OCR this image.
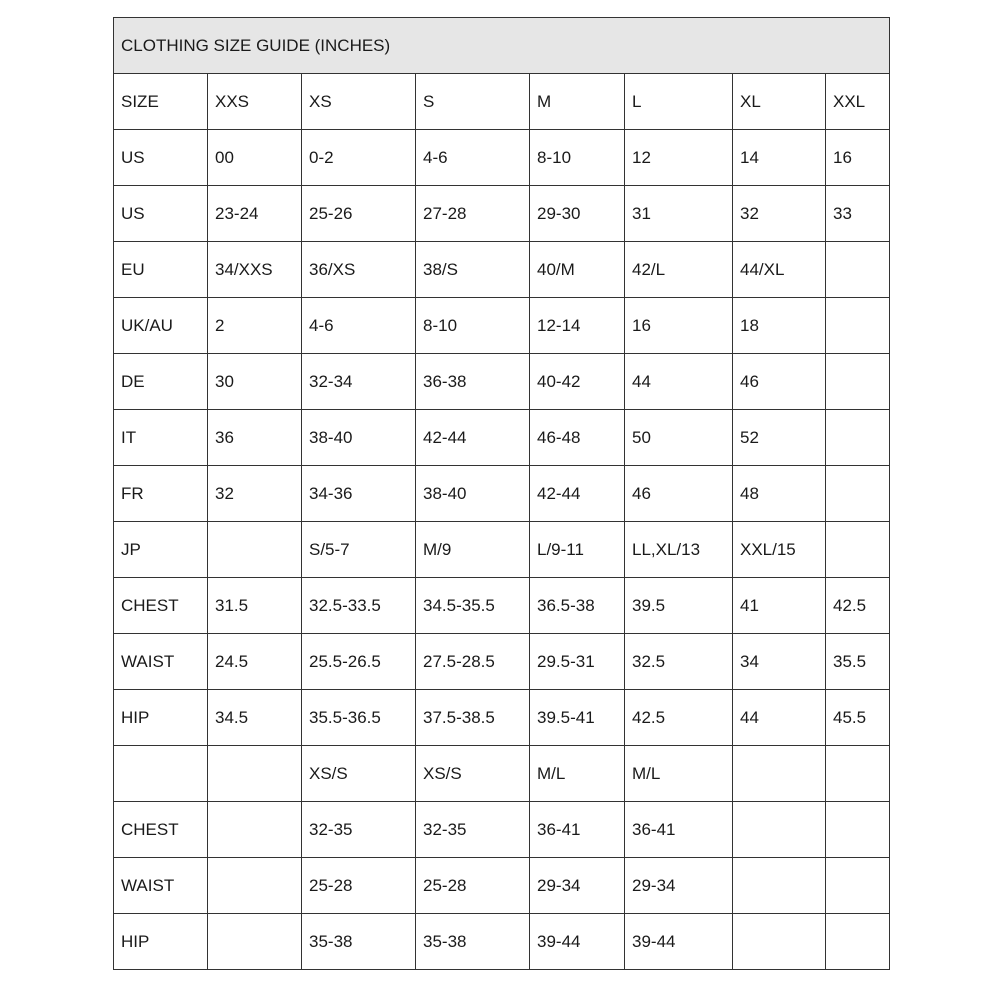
CLOTHING SIZE GUIDE (INCHES)							
SIZE	XXS	XS	S	M	L	XL	XXL
US	00	0-2	4-6	8-10	12	14	16
US	23-24	25-26	27-28	29-30	31	32	33
EU	34/XXS	36/XS	38/S	40/M	42/L	44/XL	
UK/AU	2	4-6	8-10	12-14	16	18	
DE	30	32-34	36-38	40-42	44	46	
IT	36	38-40	42-44	46-48	50	52	
FR	32	34-36	38-40	42-44	46	48	
JP		S/5-7	M/9	L/9-11	LL,XL/13	XXL/15	
CHEST	31.5	32.5-33.5	34.5-35.5	36.5-38	39.5	41	42.5
WAIST	24.5	25.5-26.5	27.5-28.5	29.5-31	32.5	34	35.5
HIP	34.5	35.5-36.5	37.5-38.5	39.5-41	42.5	44	45.5
		XS/S	XS/S	M/L	M/L		
CHEST		32-35	32-35	36-41	36-41		
WAIST		25-28	25-28	29-34	29-34		
HIP		35-38	35-38	39-44	39-44		
